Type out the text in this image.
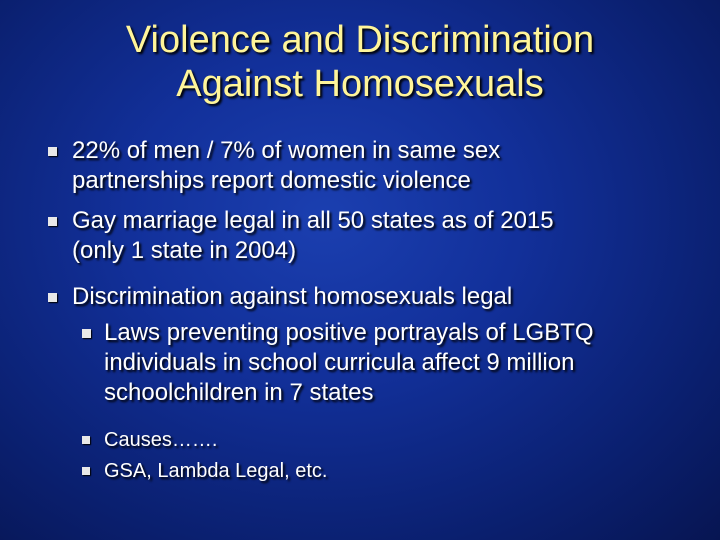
Violence and Discrimination
Against Homosexuals
22% of men / 7% of women in same sex
partnerships report domestic violence
Gay marriage legal in all 50 states as of 2015
(only 1 state in 2004)
Discrimination against homosexuals legal
Laws preventing positive portrayals of LGBTQ
individuals in school curricula affect 9 million
schoolchildren in 7 states
Causes…….
GSA, Lambda Legal, etc.
